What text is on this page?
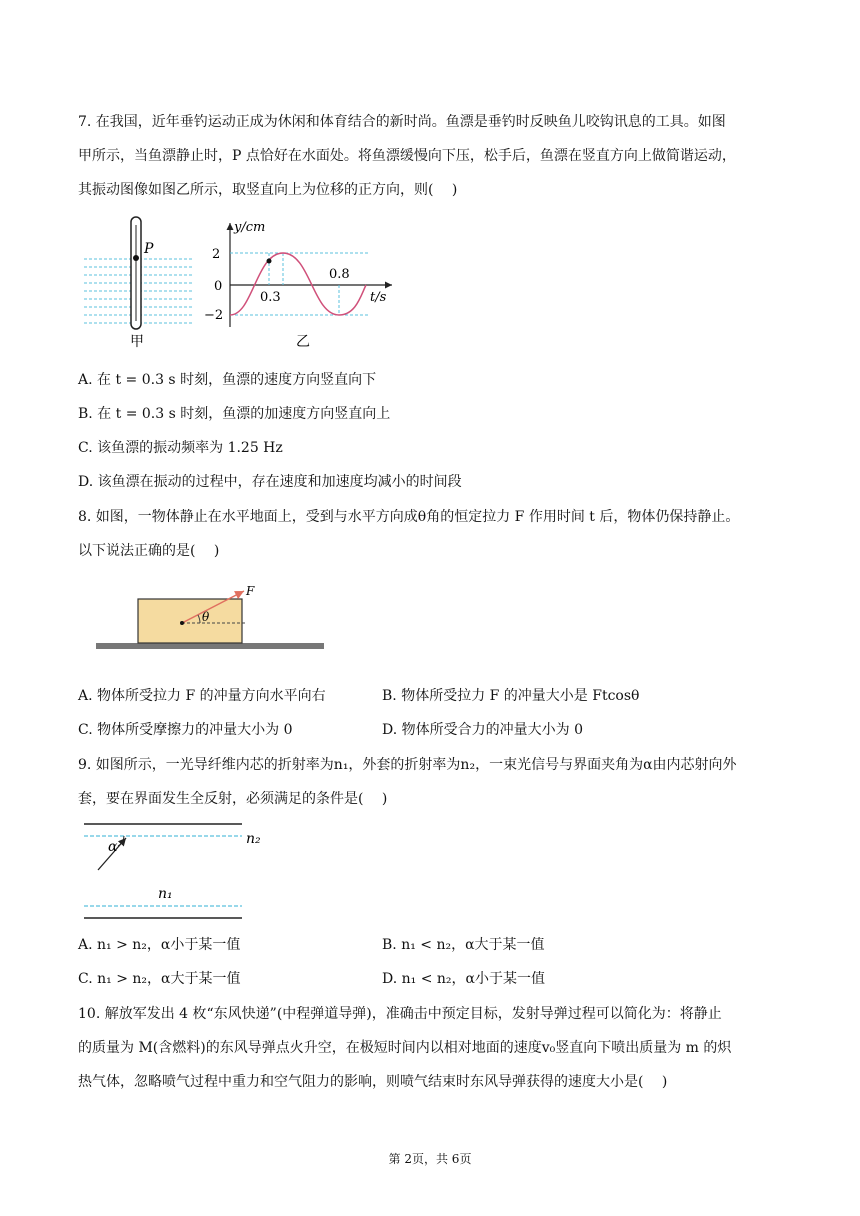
7. 在我国，近年垂钓运动正成为休闲和体育结合的新时尚。鱼漂是垂钓时反映鱼儿咬钩讯息的工具。如图
甲所示，当鱼漂静止时，P 点恰好在水面处。将鱼漂缓慢向下压，松手后，鱼漂在竖直方向上做简谐运动，
其振动图像如图乙所示，取竖直向上为位移的正方向，则(　 )
P
甲
y/cm
2
0
−2
0.3
0.8
t/s
乙
A. 在 t = 0.3 s 时刻，鱼漂的速度方向竖直向下
B. 在 t = 0.3 s 时刻，鱼漂的加速度方向竖直向上
C. 该鱼漂的振动频率为 1.25 Hz
D. 该鱼漂在振动的过程中，存在速度和加速度均减小的时间段
8. 如图，一物体静止在水平地面上，受到与水平方向成θ角的恒定拉力 F 作用时间 t 后，物体仍保持静止。
以下说法正确的是(　 )
θ
F
A. 物体所受拉力 F 的冲量方向水平向右	B. 物体所受拉力 F 的冲量大小是 Ftcosθ
C. 物体所受摩擦力的冲量大小为 0	D. 物体所受合力的冲量大小为 0
9. 如图所示，一光导纤维内芯的折射率为n₁，外套的折射率为n₂，一束光信号与界面夹角为α由内芯射向外
套，要在界面发生全反射，必须满足的条件是(　 )
α	n₂
n₁
A. n₁ > n₂，α小于某一值	B. n₁ < n₂，α大于某一值
C. n₁ > n₂，α大于某一值	D. n₁ < n₂，α小于某一值
10. 解放军发出 4 枚“东风快递”(中程弹道导弹)，准确击中预定目标，发射导弹过程可以简化为：将静止
的质量为 M(含燃料)的东风导弹点火升空，在极短时间内以相对地面的速度v₀竖直向下喷出质量为 m 的炽
热气体，忽略喷气过程中重力和空气阻力的影响，则喷气结束时东风导弹获得的速度大小是(　 )
第 2页，共 6页
